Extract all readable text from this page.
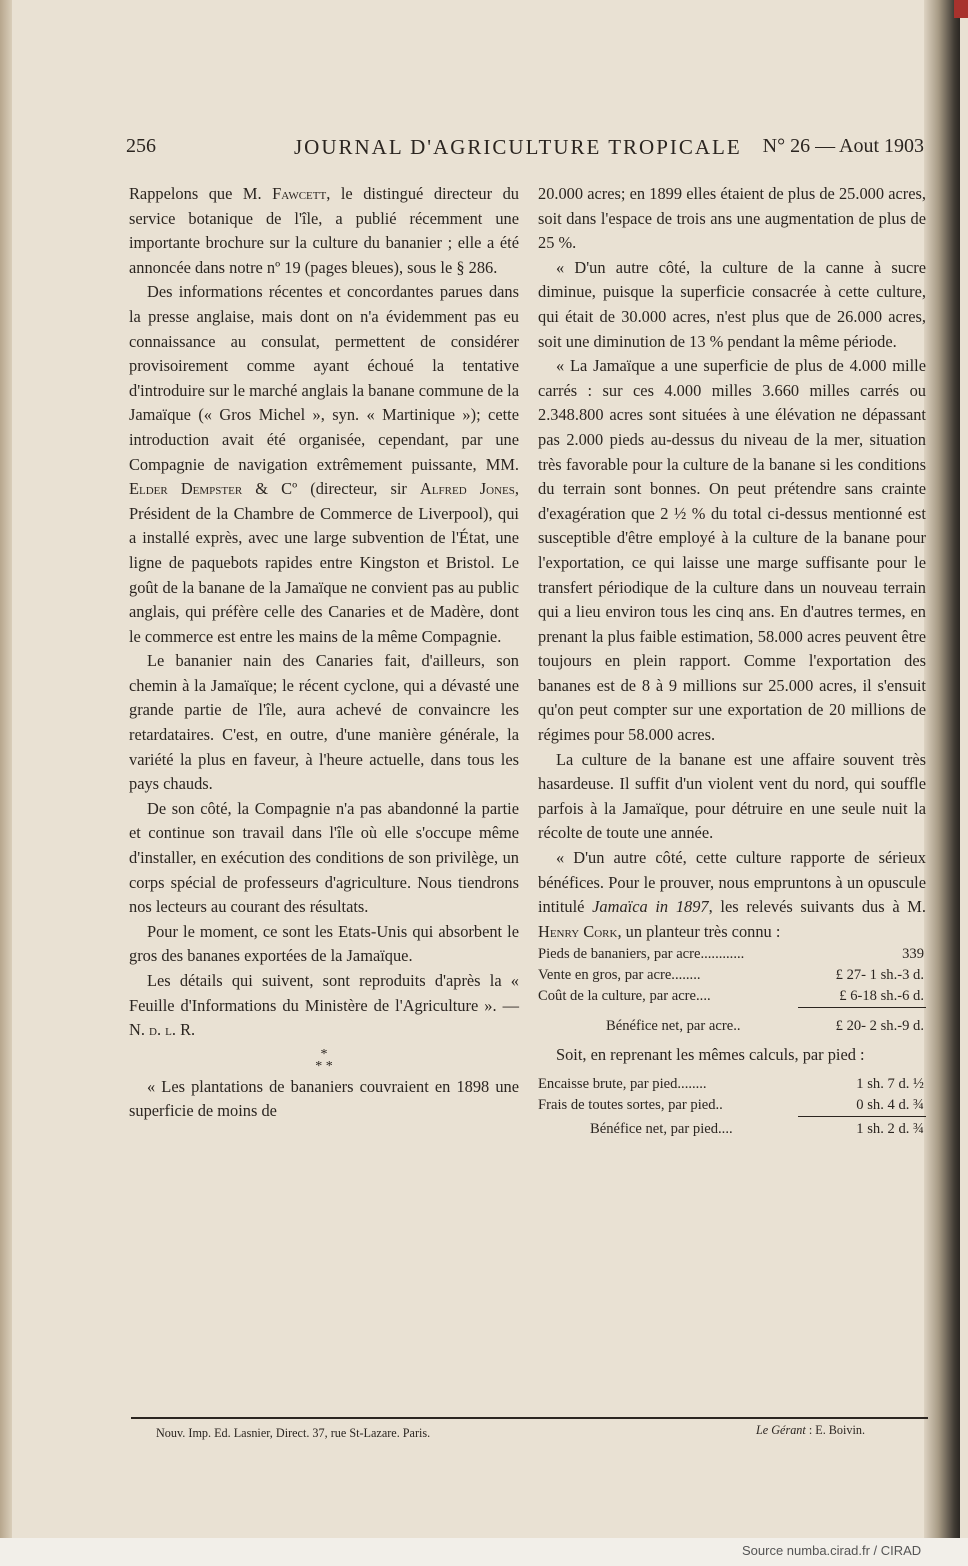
256	JOURNAL D'AGRICULTURE TROPICALE N° 26 — Aout 1903

Rappelons que M. Fawcett, le distingué directeur du service botanique de l'île, a publié récemment une importante brochure sur la culture du bananier ; elle a été annoncée dans notre nº 19 (pages bleues), sous le § 286.

Des informations récentes et concordantes parues dans la presse anglaise, mais dont on n'a évidemment pas eu connaissance au consulat, permettent de considérer provisoirement comme ayant échoué la tentative d'introduire sur le marché anglais la banane commune de la Jamaïque (« Gros Michel », syn. « Martinique »); cette introduction avait été organisée, cependant, par une Compagnie de navigation extrêmement puissante, MM. Elder Dempster & Cº (directeur, sir Alfred Jones, Président de la Chambre de Commerce de Liverpool), qui a installé exprès, avec une large subvention de l'État, une ligne de paquebots rapides entre Kingston et Bristol. Le goût de la banane de la Jamaïque ne convient pas au public anglais, qui préfère celle des Canaries et de Madère, dont le commerce est entre les mains de la même Compagnie.

Le bananier nain des Canaries fait, d'ailleurs, son chemin à la Jamaïque; le récent cyclone, qui a dévasté une grande partie de l'île, aura achevé de convaincre les retardataires. C'est, en outre, d'une manière générale, la variété la plus en faveur, à l'heure actuelle, dans tous les pays chauds.

De son côté, la Compagnie n'a pas abandonné la partie et continue son travail dans l'île où elle s'occupe même d'installer, en exécution des conditions de son privilège, un corps spécial de professeurs d'agriculture. Nous tiendrons nos lecteurs au courant des résultats.

Pour le moment, ce sont les Etats-Unis qui absorbent le gros des bananes exportées de la Jamaïque.

Les détails qui suivent, sont reproduits d'après la « Feuille d'Informations du Ministère de l'Agriculture ». — N. d. l. R.

*
* *

« Les plantations de bananiers couvraient en 1898 une superficie de moins de

20.000 acres; en 1899 elles étaient de plus de 25.000 acres, soit dans l'espace de trois ans une augmentation de plus de 25 %.

« D'un autre côté, la culture de la canne à sucre diminue, puisque la superficie consacrée à cette culture, qui était de 30.000 acres, n'est plus que de 26.000 acres, soit une diminution de 13 % pendant la même période.

« La Jamaïque a une superficie de plus de 4.000 mille carrés : sur ces 4.000 milles 3.660 milles carrés ou 2.348.800 acres sont situées à une élévation ne dépassant pas 2.000 pieds au-dessus du niveau de la mer, situation très favorable pour la culture de la banane si les conditions du terrain sont bonnes. On peut prétendre sans crainte d'exagération que 2 ½ % du total ci-dessus mentionné est susceptible d'être employé à la culture de la banane pour l'exportation, ce qui laisse une marge suffisante pour le transfert périodique de la culture dans un nouveau terrain qui a lieu environ tous les cinq ans. En d'autres termes, en prenant la plus faible estimation, 58.000 acres peuvent être toujours en plein rapport. Comme l'exportation des bananes est de 8 à 9 millions sur 25.000 acres, il s'ensuit qu'on peut compter sur une exportation de 20 millions de régimes pour 58.000 acres.

La culture de la banane est une affaire souvent très hasardeuse. Il suffit d'un violent vent du nord, qui souffle parfois à la Jamaïque, pour détruire en une seule nuit la récolte de toute une année.

« D'un autre côté, cette culture rapporte de sérieux bénéfices. Pour le prouver, nous empruntons à un opuscule intitulé Jamaïca in 1897, les relevés suivants dus à M. Henry Cork, un planteur très connu :

Pieds de bananiers, par acre............	339
Vente en gros, par acre........	£ 27- 1 sh.-3 d.
Coût de la culture, par acre....	£ 6-18 sh.-6 d.
Bénéfice net, par acre..	£ 20- 2 sh.-9 d.

Soit, en reprenant les mêmes calculs, par pied :

Encaisse brute, par pied........	1 sh. 7 d. ½
Frais de toutes sortes, par pied..	0 sh. 4 d. ¾
Bénéfice net, par pied....	1 sh. 2 d. ¾
Nouv. Imp. Ed. Lasnier, Direct. 37, rue St-Lazare. Paris.	Le Gérant : E. Boivin.
Source numba.cirad.fr / CIRAD
